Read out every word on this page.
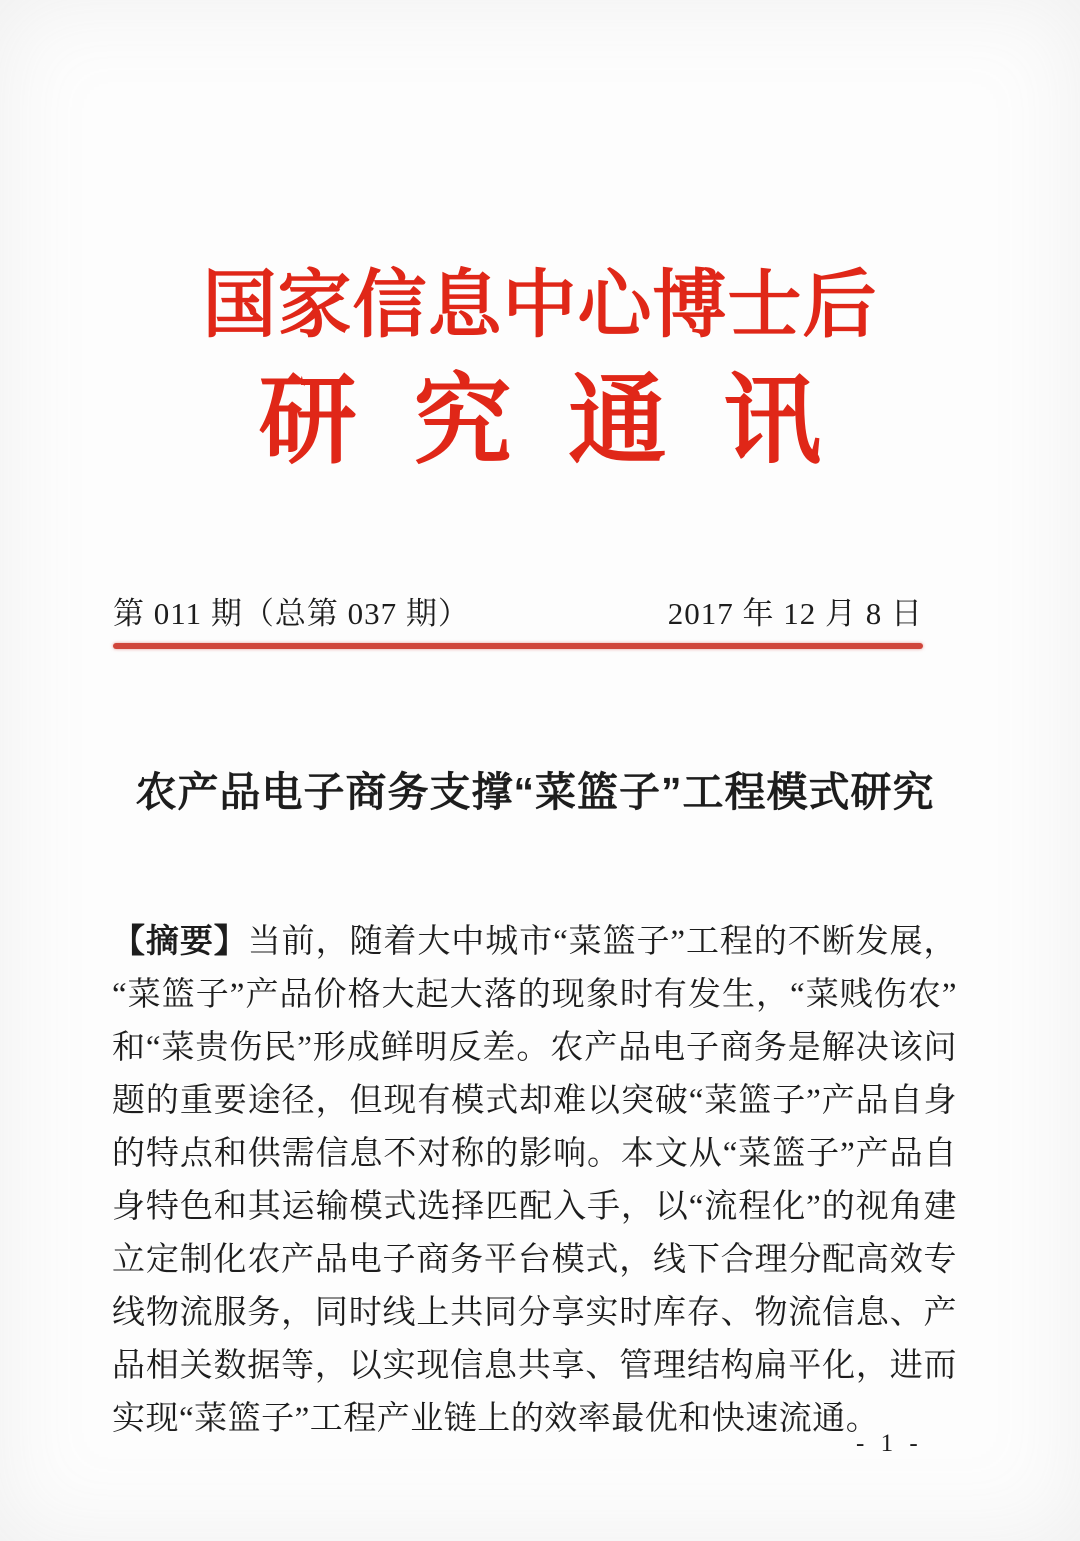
国家信息中心博士后
研究通讯
第 011 期（总第 037 期）	2017 年 12 月 8 日
农产品电子商务支撑“菜篮子”工程模式研究

【摘要】当前，随着大中城市“菜篮子”工程的不断发展，“菜篮子”产品价格大起大落的现象时有发生，“菜贱伤农”和“菜贵伤民”形成鲜明反差。农产品电子商务是解决该问题的重要途径，但现有模式却难以突破“菜篮子”产品自身的特点和供需信息不对称的影响。本文从“菜篮子”产品自身特色和其运输模式选择匹配入手，以“流程化”的视角建立定制化农产品电子商务平台模式，线下合理分配高效专线物流服务，同时线上共同分享实时库存、物流信息、产品相关数据等，以实现信息共享、管理结构扁平化，进而实现“菜篮子”工程产业链上的效率最优和快速流通。

- 1 -
